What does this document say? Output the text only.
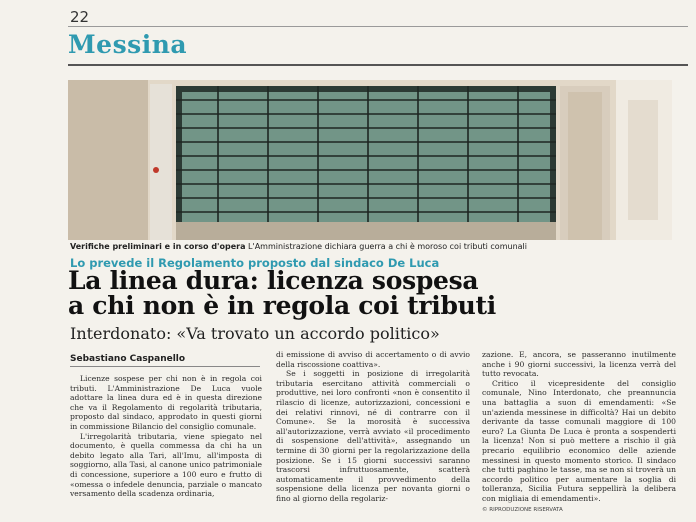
22
Messina
Verifiche preliminari e in corso d'opera L'Amministrazione dichiara guerra a chi è moroso coi tributi comunali
Lo prevede il Regolamento proposto dal sindaco De Luca
La linea dura: licenza sospesa
a chi non è in regola coi tributi
Interdonato: «Va trovato un accordo politico»
Sebastiano Caspanello

Licenze sospese per chi non è in regola coi tributi. L'Amministrazione De Luca vuole adottare la linea dura ed è in questa direzione che va il Regolamento di regolarità tributaria, proposto dal sindaco, approdato in questi giorni in commissione Bilancio del consiglio comunale.

L'irregolarità tributaria, viene spiegato nel documento, è quella commessa da chi ha un debito legato alla Tari, all'Imu, all'imposta di soggiorno, alla Tasi, al canone unico patrimoniale di concessione, superiore a 100 euro e frutto di «omessa o infedele denuncia, parziale o mancato versamento della scadenza ordinaria,

di emissione di avviso di accertamento o di avvio della riscossione coattiva».

Se i soggetti in posizione di irregolarità tributaria esercitano attività commerciali o produttive, nei loro confronti «non è consentito il rilascio di licenze, autorizzazioni, concessioni e dei relativi rinnovi, né di contrarre con il Comune». Se la morosità è successiva all'autorizzazione, verrà avviato «il procedimento di sospensione dell'attività», assegnando un termine di 30 giorni per la regolarizzazione della posizione. Se i 15 giorni successivi saranno trascorsi infruttuosamente, scatterà automaticamente il provvedimento della sospensione della licenza per novanta giorni o fino al giorno della regolariz-

zazione. E, ancora, se passeranno inutilmente anche i 90 giorni successivi, la licenza verrà del tutto revocata.

Critico il vicepresidente del consiglio comunale, Nino Interdonato, che preannuncia una battaglia a suon di emendamenti: «Se un'azienda messinese in difficoltà? Hai un debito derivante da tasse comunali maggiore di 100 euro? La Giunta De Luca è pronta a sospenderti la licenza! Non si può mettere a rischio il già precario equilibrio economico delle aziende messinesi in questo momento storico. Il sindaco che tutti paghino le tasse, ma se non si troverà un accordo politico per aumentare la soglia di tolleranza, Sicilia Futura seppellirà la delibera con migliaia di emendamenti».

© RIPRODUZIONE RISERVATA
